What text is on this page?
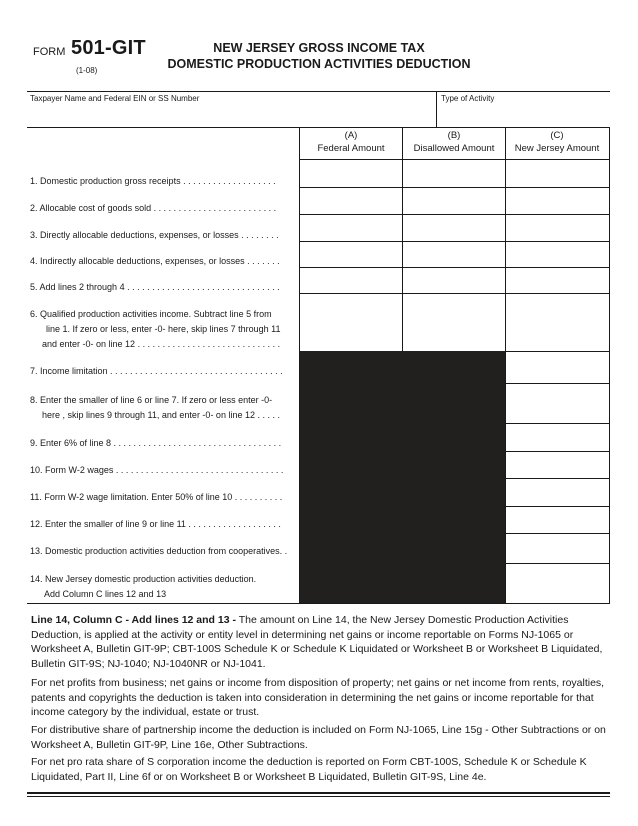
FORM 501-GIT
(1-08)
NEW JERSEY GROSS INCOME TAX
DOMESTIC PRODUCTION ACTIVITIES DEDUCTION
Taxpayer Name and Federal EIN or SS Number	Type of Activity
(A)
Federal Amount
(B)
Disallowed Amount
(C)
New Jersey Amount
1. Domestic production gross receipts . . . . . . . . . . . . . . . . . . .
2. Allocable cost of goods sold . . . . . . . . . . . . . . . . . . . . . . . . .
3. Directly allocable deductions, expenses, or losses . . . . . . . .
4. Indirectly allocable deductions, expenses, or losses . . . . . . .
5. Add lines 2 through 4 . . . . . . . . . . . . . . . . . . . . . . . . . . . . . . .
6. Qualified production activities income. Subtract line 5 from
line 1. If zero or less, enter -0- here, skip lines 7 through 11
and enter -0- on line 12 . . . . . . . . . . . . . . . . . . . . . . . . . . . . .
7. Income limitation . . . . . . . . . . . . . . . . . . . . . . . . . . . . . . . . . . .
8. Enter the smaller of line 6 or line 7. If zero or less enter -0-
here , skip lines 9 through 11, and enter -0- on line 12 . . . . .
9. Enter 6% of line 8 . . . . . . . . . . . . . . . . . . . . . . . . . . . . . . . . . .
10. Form W-2 wages . . . . . . . . . . . . . . . . . . . . . . . . . . . . . . . . . .
11. Form W-2 wage limitation. Enter 50% of line 10 . . . . . . . . . .
12. Enter the smaller of line 9 or line 11 . . . . . . . . . . . . . . . . . . .
13. Domestic production activities deduction from cooperatives. .
14. New Jersey domestic production activities deduction.
Add Column C lines 12 and 13
Line 14, Column C - Add lines 12 and 13 - The amount on Line 14, the New Jersey Domestic Production Activities Deduction, is applied at the activity or entity level in determining net gains or income reportable on Forms NJ-1065 or Worksheet A, Bulletin GIT-9P; CBT-100S Schedule K or Schedule K Liquidated or Worksheet B or Worksheet B Liquidated, Bulletin GIT-9S; NJ-1040; NJ-1040NR or NJ-1041.
For net profits from business; net gains or income from disposition of property; net gains or net income from rents, royalties, patents and copyrights the deduction is taken into consideration in determining the net gains or income reportable for that income category by the individual, estate or trust.
For distributive share of partnership income the deduction is included on Form NJ-1065, Line 15g - Other Subtractions or on Worksheet A, Bulletin GIT-9P, Line 16e, Other Subtractions.
For net pro rata share of S corporation income the deduction is reported on Form CBT-100S, Schedule K or Schedule K Liquidated, Part II, Line 6f or on Worksheet B or Worksheet B Liquidated, Bulletin GIT-9S, Line 4e.
